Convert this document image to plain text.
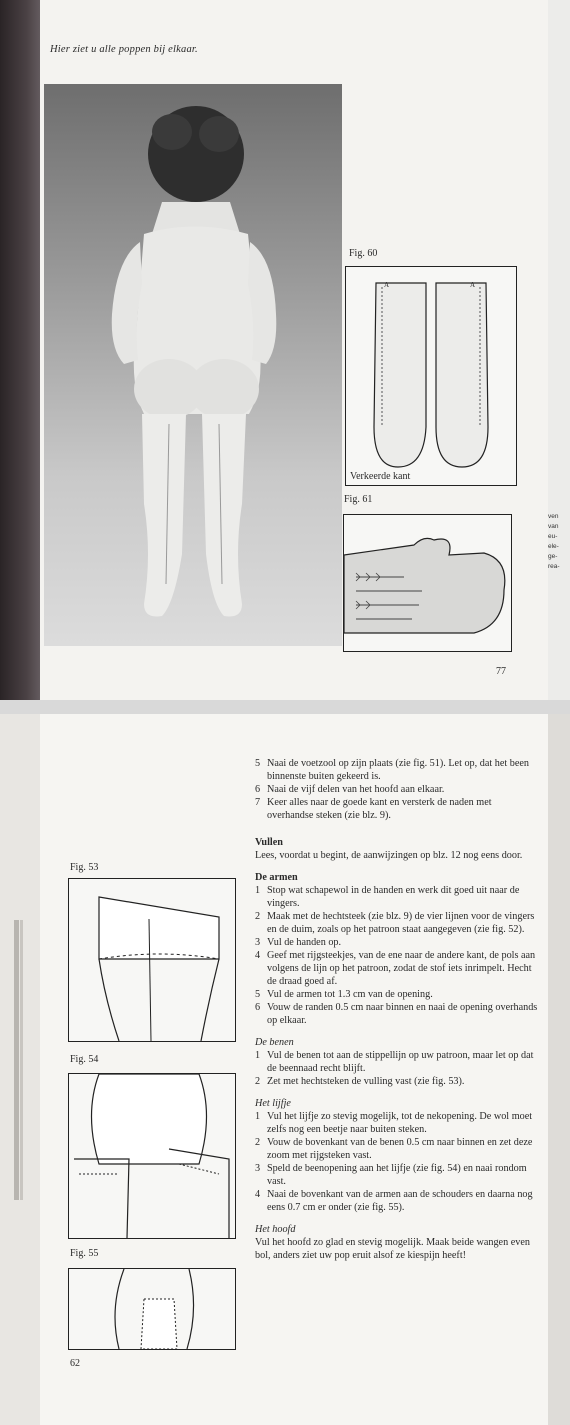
Hier ziet u alle poppen bij elkaar.
Fig. 60
A	A
Verkeerde kant
Fig. 61
ven
van
eu-
ele-
ge-
rea-
77
Fig. 53
Fig. 54
Fig. 55
5 Naai de voetzool op zijn plaats (zie fig. 51). Let op, dat het been binnenste buiten gekeerd is.
6 Naai de vijf delen van het hoofd aan elkaar.
7 Keer alles naar de goede kant en versterk de naden met overhandse steken (zie blz. 9).
Vullen

Lees, voordat u begint, de aanwijzingen op blz. 12 nog eens door.

De armen
1 Stop wat schapewol in de handen en werk dit goed uit naar de vingers.
2 Maak met de hechtsteek (zie blz. 9) de vier lijnen voor de vingers en de duim, zoals op het patroon staat aangegeven (zie fig. 52).
3 Vul de handen op.
4 Geef met rijgsteekjes, van de ene naar de andere kant, de pols aan volgens de lijn op het patroon, zodat de stof iets inrimpelt. Hecht de draad goed af.
5 Vul de armen tot 1.3 cm van de opening.
6 Vouw de randen 0.5 cm naar binnen en naai de opening overhands op elkaar.
De benen
1 Vul de benen tot aan de stippellijn op uw patroon, maar let op dat de beennaad recht blijft.
2 Zet met hechtsteken de vulling vast (zie fig. 53).
Het lijfje
1 Vul het lijfje zo stevig mogelijk, tot de nekopening. De wol moet zelfs nog een beetje naar buiten steken.
2 Vouw de bovenkant van de benen 0.5 cm naar binnen en zet deze zoom met rijgsteken vast.
3 Speld de beenopening aan het lijfje (zie fig. 54) en naai rondom vast.
4 Naai de bovenkant van de armen aan de schouders en daarna nog eens 0.7 cm er onder (zie fig. 55).
Het hoofd

Vul het hoofd zo glad en stevig mogelijk. Maak beide wangen even bol, anders ziet uw pop eruit alsof ze kiespijn heeft!

62
